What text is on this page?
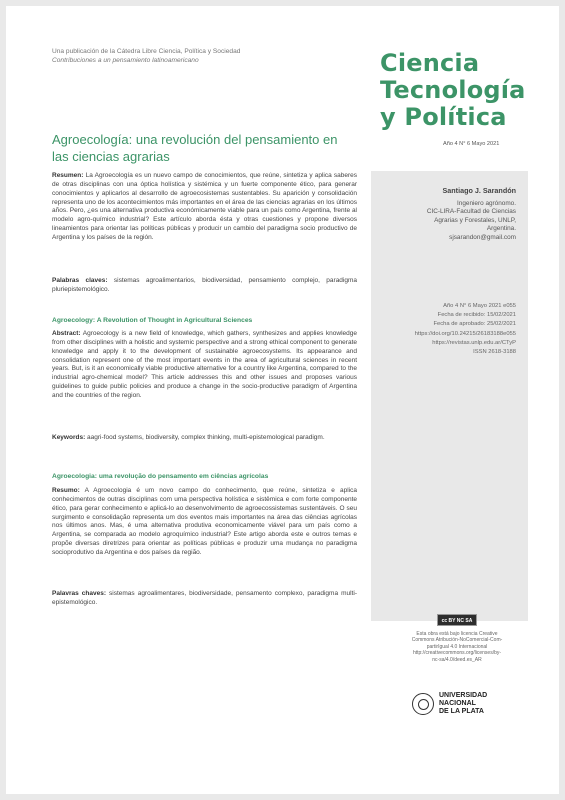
Una publicación de la Cátedra Libre Ciencia, Política y Sociedad
Contribuciones a un pensamiento latinoamericano	Ciencia
Tecnología
y Política
Año 4 N° 6 Mayo 2021
Agroecología: una revolución del pensamiento en las ciencias agrarias
Santiago J. Sarandón
Ingeniero agrónomo.
CIC-LIRA-Facultad de Ciencias
Agrarias y Forestales, UNLP,
Argentina.
sjsarandon@gmail.com
Año 4 N° 6 Mayo 2021 e055
Fecha de recibido: 15/02/2021
Fecha de aprobado: 25/02/2021
https://doi.org/10.24215/26183188e055
https://revistas.unlp.edu.ar/CTyP
ISSN 2618-3188
Resumen: La Agroecología es un nuevo campo de conocimientos, que reúne, sintetiza y aplica saberes de otras disciplinas con una óptica holística y sistémica y un fuerte componente ético, para generar conocimientos y aplicarlos al desarrollo de agroecosistemas sustentables. Su aparición y consolidación representa uno de los acontecimientos más importantes en el área de las ciencias agrarias en los últimos años. Pero, ¿es una alternativa productiva económicamente viable para un país como Argentina, frente al modelo agro-químico industrial? Este artículo aborda ésta y otras cuestiones y propone diversos lineamientos para orientar las políticas públicas y producir un cambio del paradigma socio productivo de Argentina y los países de la región.
Palabras claves: sistemas agroalimentarios, biodiversidad, pensamiento complejo, paradigma pluriepistemológico.
Agroecology: A Revolution of Thought in Agricultural Sciences
Abstract: Agroecology is a new field of knowledge, which gathers, synthesizes and applies knowledge from other disciplines with a holistic and systemic perspective and a strong ethical component to generate knowledge and apply it to the development of sustainable agroecosystems. Its appearance and consolidation represent one of the most important events in the area of agricultural sciences in recent years. But, is it an economically viable productive alternative for a country like Argentina, compared to the industrial agro-chemical model? This article addresses this and other issues and proposes various guidelines to guide public policies and produce a change in the socio-productive paradigm of Argentina and the countries of the region.
Keywords: aagri-food systems, biodiversity, complex thinking, multi-epistemological paradigm.
Agroecologia: uma revolução do pensamento em ciências agrícolas
Resumo: A Agroecologia é um novo campo do conhecimento, que reúne, sintetiza e aplica conhecimentos de outras disciplinas com uma perspectiva holística e sistêmica e com forte componente ético, para gerar conhecimento e aplicá-lo ao desenvolvimento de agroecossistemas sustentáveis. O seu surgimento e consolidação representa um dos eventos mais importantes na área das ciências agrícolas nos últimos anos. Mas, é uma alternativa produtiva economicamente viável para um país como a Argentina, se comparada ao modelo agroquímico industrial? Este artigo aborda este e outros temas e propõe diversas diretrizes para orientar as políticas públicas e produzir uma mudança no paradigma socioprodutivo da Argentina e dos países da região.
Palavras chaves: sistemas agroalimentares, biodiversidade, pensamento complexo, paradigma multi-epistemológico.
cc BY NC SA
Esta obra está bajo licencia Creative
Commons Atribución-NoComercial-Com-
partirIgual 4.0 Internacional
http://creativecommons.org/licenses/by-
nc-sa/4.0/deed.es_AR
UNIVERSIDAD
NACIONAL
DE LA PLATA
